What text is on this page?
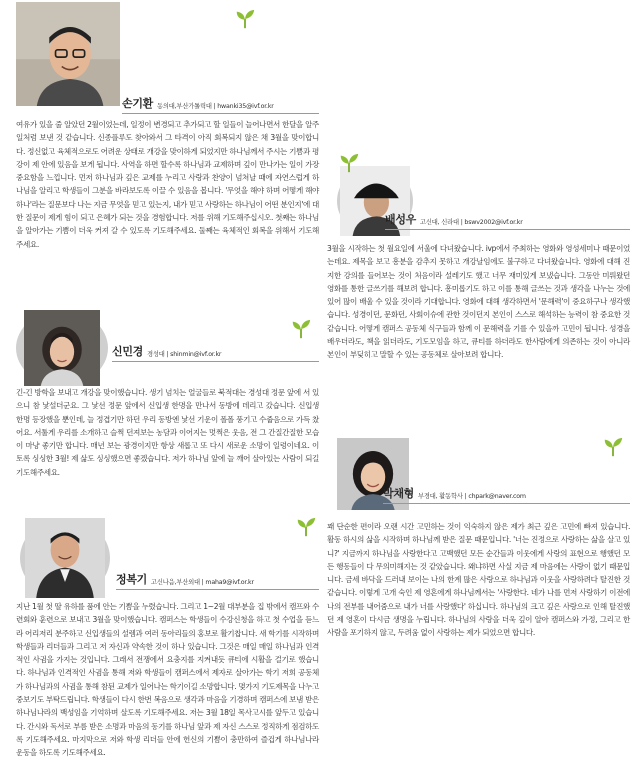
손기환 동의대,부산가톨릭대 | hwanki35@ivf.or.kr

여유가 있을 줄 알았던 2월이었는데, 일정이 변경되고 추가되고 할 일들이 늘어나면서 한달을 알주일처럼 보낸 것 같습니다. 신종플루도 찾아와서 그 타격이 아직 회복되지 않은 채 3월을 맞이합니다. 정신없고 육체적으로도 어려운 상태로 개강을 맞이하게 되었지만 하나님께서 주시는 기쁨과 평강이 제 안에 있음을 보게 됩니다. 사역을 하면 할수록 하나님과 교제하며 깊이 만나가는 일이 가장 중요함을 느낍니다. 먼저 하나님과 깊은 교제를 누리고 사랑과 찬양이 넘쳐날 때에 자연스럽게 하나님을 알리고 학생들이 그분을 바라보도록 이끌 수 있음을 봅니다. '무엇을 해야 하며 어떻게 해야하나'라는 질문보다 나는 지금 무엇을 믿고 있는지, 내가 믿고 사랑하는 하나님이 어떤 분인지'에 대한 질문이 제게 힘이 되고 은혜가 되는 것을 경험합니다. 저를 위해 기도해주십시오. 첫째는 하나님을 알아가는 기쁨이 더욱 커져 갈 수 있도록 기도해주세요. 둘째는 육체적인 회복을 위해서 기도해주세요.

신민경 경성대 | shinmin@ivf.or.kr

긴-긴 방학을 보내고 개강을 맞이했습니다. 생기 넘치는 얼굴들로 북적대는 경성대 정문 앞에 서 있으니 참 낯설더군요. 그 낯선 정문 앞에서 신입생 한명을 만나서 동방에 데리고 갔습니다. 신입생 한명 등장했을 뿐인데, 늘 정겹기만 하던 우리 동방엔 낯선 기운이 폴폴 풍기고 수줍음으로 가득 찼어요. 서툴게 우리를 소개하고 슬쩍 던져보는 농담과 이어지는 멋쩍은 웃음, 전 그 간질간질한 모습이 마냥 좋기만 합니다. 매년 보는 광경이지만 항상 새롭고 또 다시 새로운 소망이 일렁이네요. 이토록 싱싱한 3월! 제 삶도 싱싱했으면 좋겠습니다. 저가 하나님 앞에 늘 깨어 살아있는 사람이 되길 기도해주세요.

정복기 고신나음,부산외대 | maha9@ivf.or.kr

지난 1월 첫 딸 유하를 품에 안는 기쁨을 누렸습니다. 그리고 1~2월 대부분을 집 밖에서 캠프와 수련회와 훈련으로 보내고 3월을 맞이했습니다. 캠퍼스는 학생들이 수강신청을 하고 첫 수업을 듣느라 어리저리 분주하고 신입생들의 설렘과 여러 동아리들의 홍보로 활기찹니다. 새 학기를 시작하며 학생들과 리더들과 그리고 저 자신과 약속한 것이 하나 있습니다. 그것은 매일 매일 하나님과 인격적인 사귐을 가지는 것입니다. 그래서 전쟁에서 요충지를 지켜내듯 큐티에 시활을 걸기로 했습니다. 하나님과 인격적인 사귐을 통해 저와 학생들이 캠퍼스에서 제자로 살아가는 학기 저희 공동체가 하나님과의 사귐을 통해 참된 교제가 일어나는 학기이길 소망합니다. 몇가지 기도제목을 나누고 중보기도 부탁드립니다. 학생들이 다시 한번 복음으로 생각과 마음을 기경하며 캠퍼스에 보냄 받은 하나님나라의 백성임을 기억하며 살도록 기도해주세요. 저는 3월 18일 목사고시를 앞두고 있습니다. 간시와 독서로 부름 받은 소명과 마음의 동기를 하나님 앞과 제 자신 스스로 정직하게 점검하도록 기도해주세요. 마지막으로 저와 학생 리더들 안에 헌신의 기쁨이 충만하여 즐겁게 하나님나라 운동을 하도록 기도해주세요.

배성우 고신대, 신라대 | bswv2002@ivf.or.kr

3월을 시작하는 첫 월요일에 서울에 다녀왔습니다. ivp에서 주최하는 영화와 영성세미나 때문이었는데요. 제목을 보고 흥분을 감추지 못하고 개강날임에도 불구하고 다녀왔습니다. 영화에 대해 진지한 강의를 들어보는 것이 처음이라 설레기도 했고 너무 재미있게 보냈습니다. 그동안 미뤄왔던 영화를 통한 글쓰기를 해보려 합니다. 흥미롭기도 하고 이를 통해 글쓰는 것과 생각을 나누는 것에 있어 많이 배울 수 있을 것이라 기대합니다. 영화에 대해 생각하면서 '문해력'이 중요하구나 생각했습니다. 성경이던, 문화던, 사회이슈에 관한 것이던지 본인이 스스로 해석하는 능력이 참 중요한 것 같습니다. 어떻게 캠퍼스 공동체 식구들과 함께 이 문해력을 기를 수 있을까 고민이 됩니다. 성경을 배우더라도, 책을 읽더라도, 기도모임을 하고, 큐티를 하더라도 한사람에게 의존하는 것이 아니라 본인이 부딪히고 말할 수 있는 공동체로 살아보려 합니다.

박채형 부경대, 활동학사 | chpark@naver.com

꽤 단순한 편이라 오랜 시간 고민하는 것이 익숙하지 않은 제가 최근 깊은 고민에 빠져 있습니다. 활동 하시의 삶을 시작하며 하나님께 받은 질문 때문입니다. '너는 진정으로 사랑하는 삶을 살고 있니?' 지금까지 하나님을 사랑한다고 고백했던 모든 순간들과 이웃에게 사랑의 표현으로 행했던 모든 행동들이 다 무의미해지는 것 같았습니다. 왜냐하면 사실 지금 제 마음에는 사랑이 없기 때문입니다. 금세 바닥을 드러내 보이는 나의 한계 많은 사랑으로 하나님과 이웃을 사랑하려다 탈진한 것 같습니다. 이렇게 고개 숙인 제 영혼에게 하나님께서는 '사랑한다. 네가 나를 먼저 사랑하기 이전에 나의 전부를 내어줌으로 내가 너를 사랑했다' 하십니다. 하나님의 크고 깊은 사랑으로 인해 탈진했던 제 영혼이 다시금 생명을 누립니다. 하나님의 사랑을 더욱 깊이 알아 캠퍼스와 가정, 그리고 한 사람을 포기하지 않고, 두려움 없이 사랑하는 제가 되었으면 합니다.
